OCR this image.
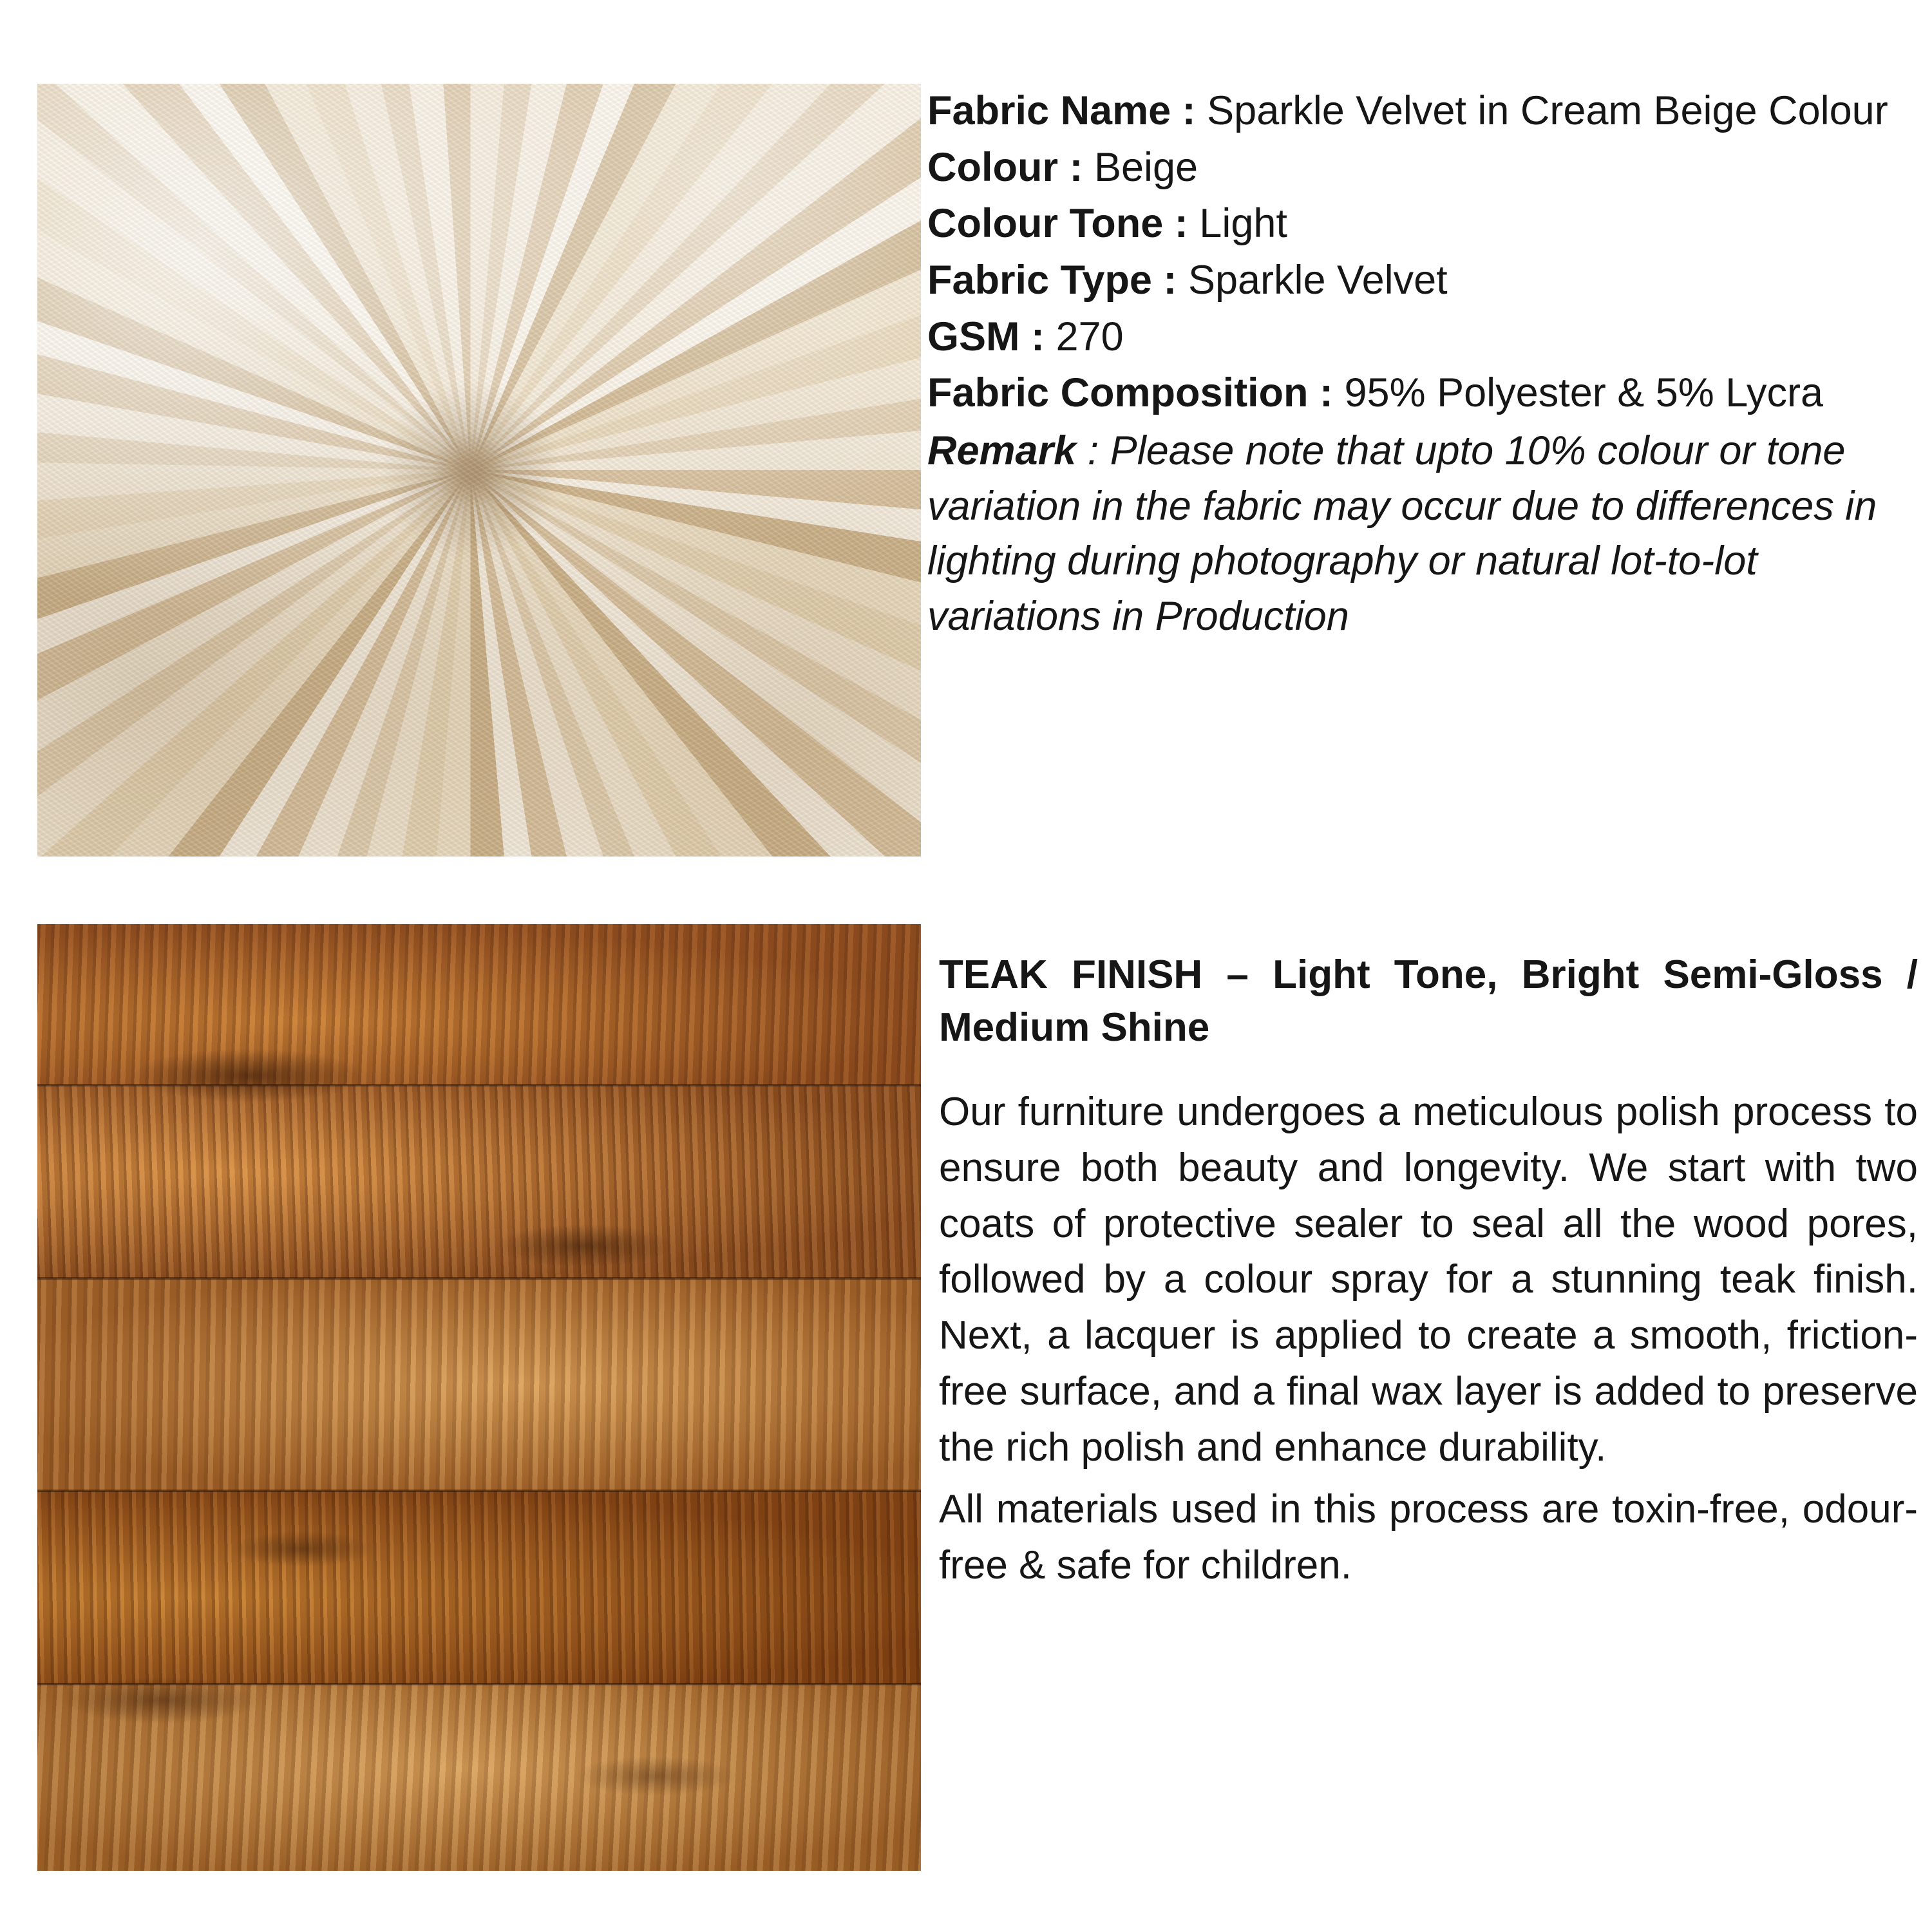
Fabric Name : Sparkle Velvet in Cream Beige Colour

Colour : Beige

Colour Tone : Light

Fabric Type : Sparkle Velvet

GSM : 270

Fabric Composition : 95% Polyester & 5% Lycra

Remark : Please note that upto 10% colour or tone variation in the fabric may occur due to differences in lighting during photography or natural lot-to-lot variations in Production

TEAK FINISH – Light Tone, Bright Semi-Gloss / Medium Shine

Our furniture undergoes a meticulous polish process to ensure both beauty and longevity. We start with two coats of protective sealer to seal all the wood pores, followed by a colour spray for a stunning teak finish. Next, a lacquer is applied to create a smooth, friction-free surface, and a final wax layer is added to preserve the rich polish and enhance durability.

All materials used in this process are toxin-free, odour-free & safe for children.
